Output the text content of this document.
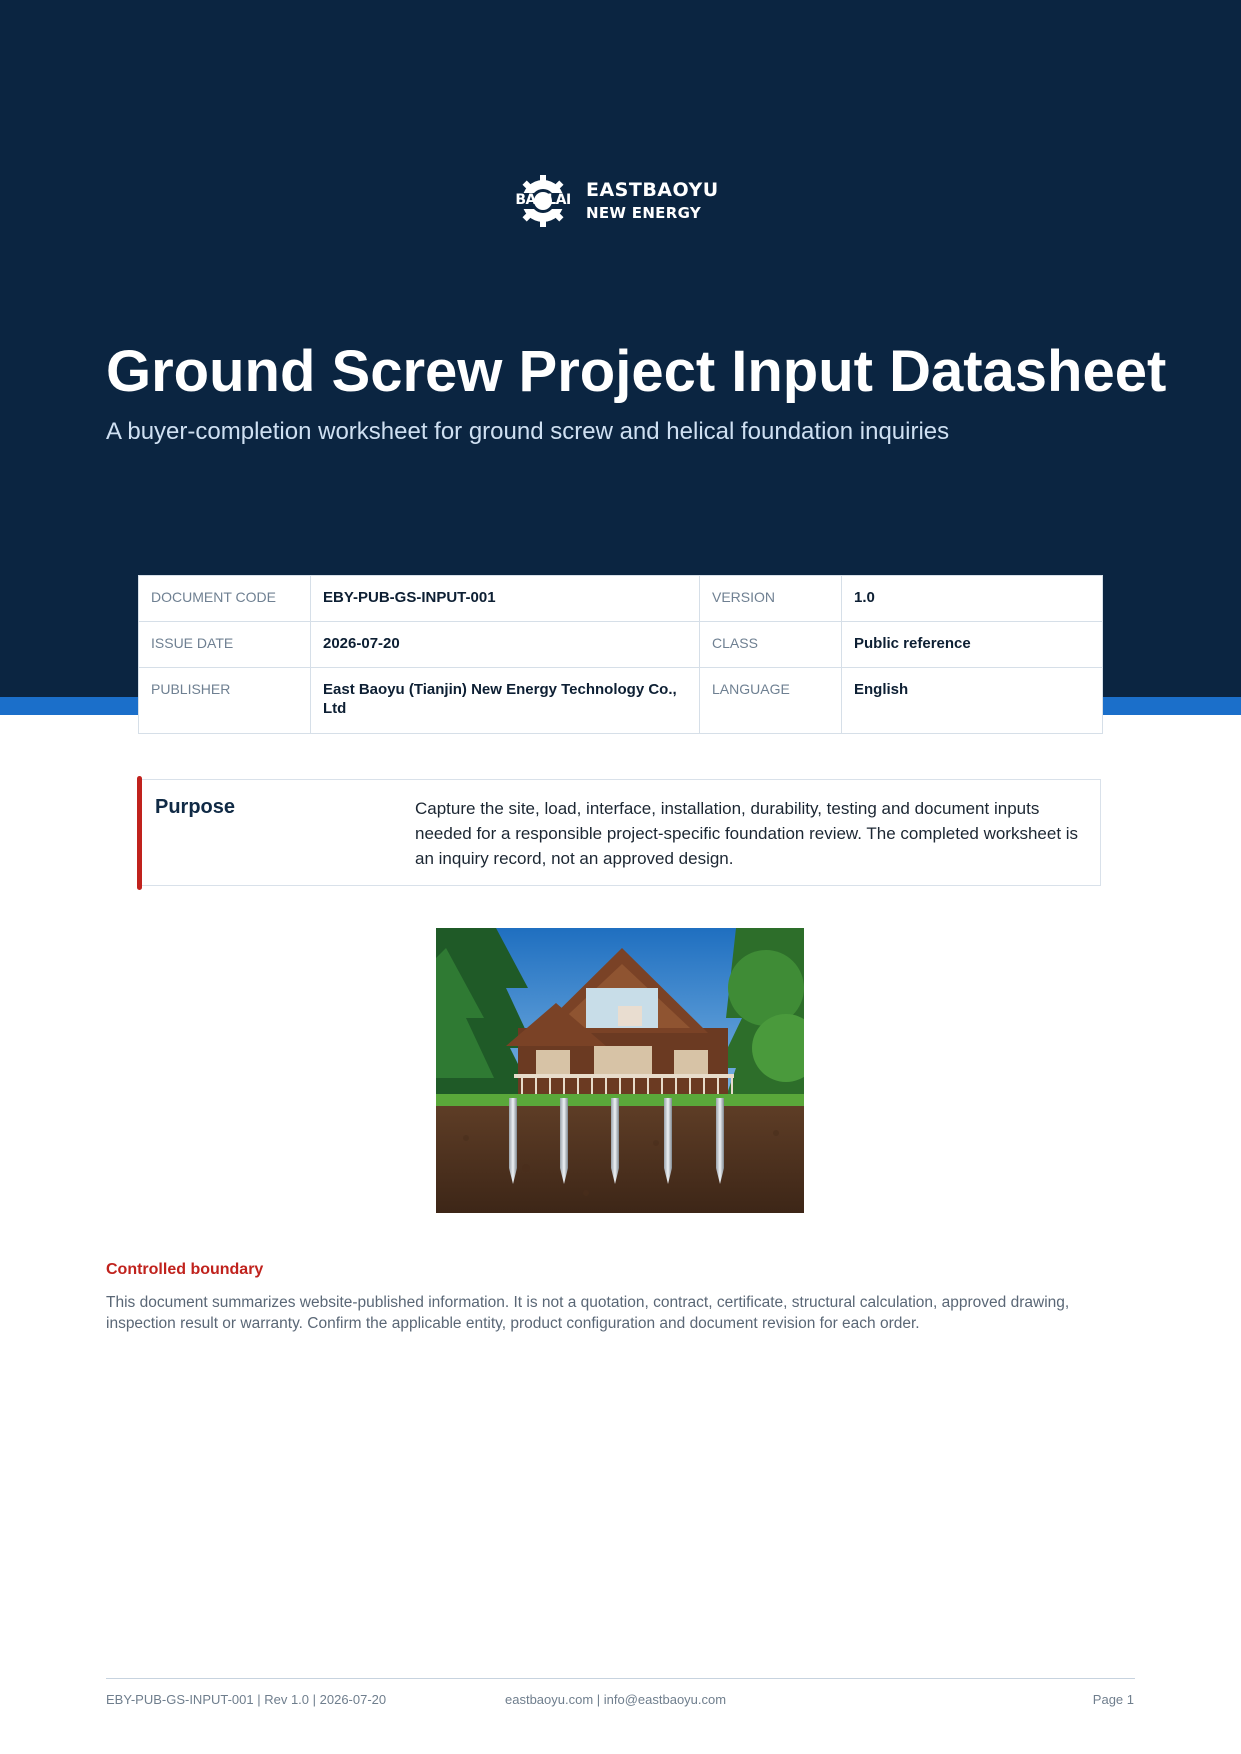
BAOLAI EASTBAOYU
NEW ENERGY
Ground Screw Project Input Datasheet
A buyer-completion worksheet for ground screw and helical foundation inquiries
DOCUMENT CODE	EBY-PUB-GS-INPUT-001	VERSION	1.0
ISSUE DATE	2026-07-20	CLASS	Public reference
PUBLISHER	East Baoyu (Tianjin) New Energy Technology Co., Ltd	LANGUAGE	English
Purpose	Capture the site, load, interface, installation, durability, testing and document inputs needed for a responsible project-specific foundation review. The completed worksheet is an inquiry record, not an approved design.
Controlled boundary
This document summarizes website-published information. It is not a quotation, contract, certificate, structural calculation, approved drawing, inspection result or warranty. Confirm the applicable entity, product configuration and document revision for each order.
EBY-PUB-GS-INPUT-001 | Rev 1.0 | 2026-07-20	eastbaoyu.com | info@eastbaoyu.com	Page 1
